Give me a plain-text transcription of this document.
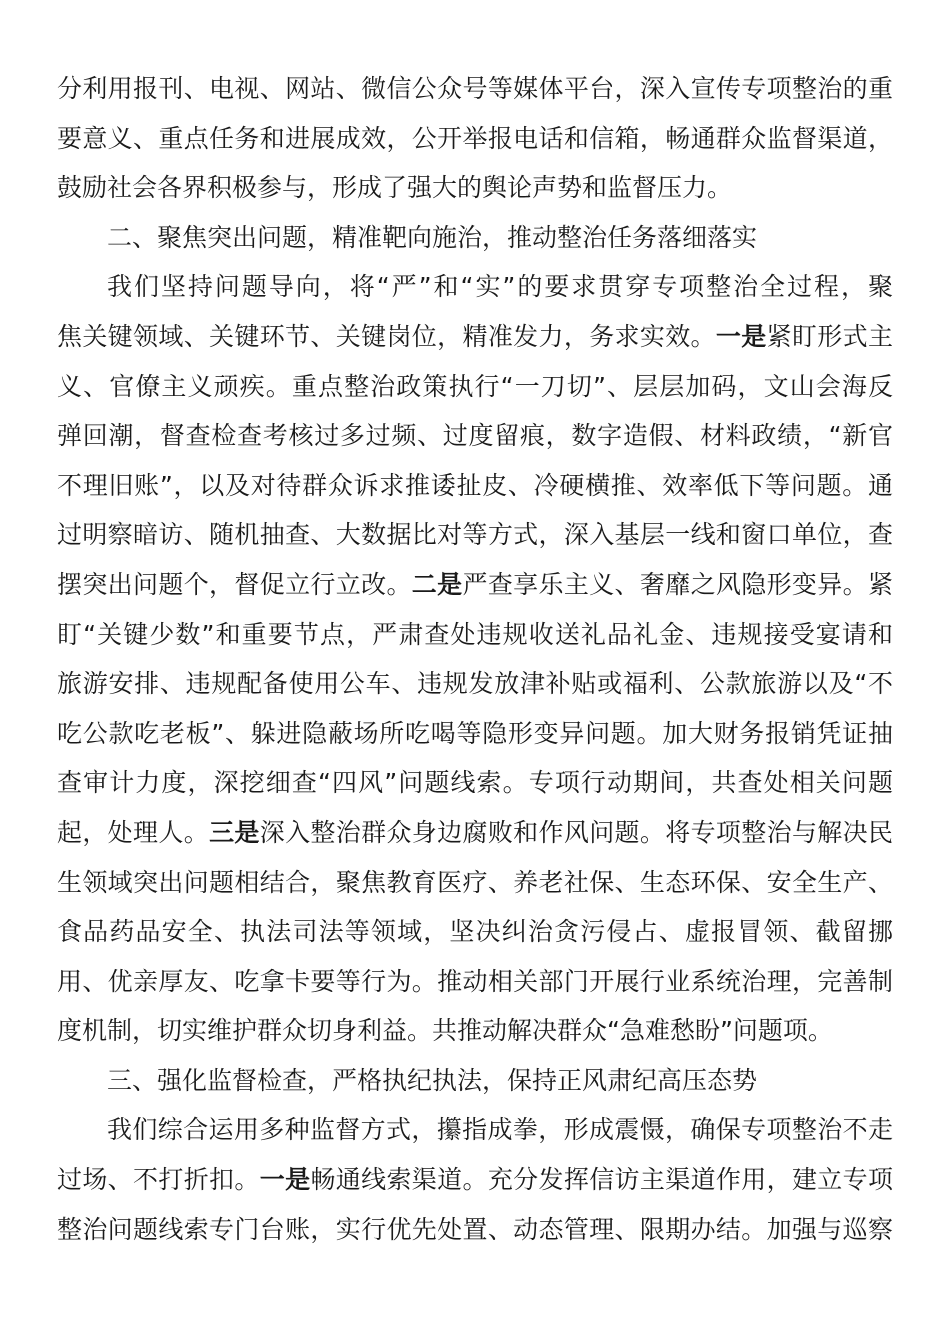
分利用报刊、电视、网站、微信公众号等媒体平台，深入宣传专项整治的重
要意义、重点任务和进展成效，公开举报电话和信箱，畅通群众监督渠道，
鼓励社会各界积极参与，形成了强大的舆论声势和监督压力。
二、聚焦突出问题，精准靶向施治，推动整治任务落细落实
我们坚持问题导向，将“严”和“实”的要求贯穿专项整治全过程，聚
焦关键领域、关键环节、关键岗位，精准发力，务求实效。一是紧盯形式主
义、官僚主义顽疾。重点整治政策执行“一刀切”、层层加码，文山会海反
弹回潮，督查检查考核过多过频、过度留痕，数字造假、材料政绩，“新官
不理旧账”，以及对待群众诉求推诿扯皮、冷硬横推、效率低下等问题。通
过明察暗访、随机抽查、大数据比对等方式，深入基层一线和窗口单位，查
摆突出问题个，督促立行立改。二是严查享乐主义、奢靡之风隐形变异。紧
盯“关键少数”和重要节点，严肃查处违规收送礼品礼金、违规接受宴请和
旅游安排、违规配备使用公车、违规发放津补贴或福利、公款旅游以及“不
吃公款吃老板”、躲进隐蔽场所吃喝等隐形变异问题。加大财务报销凭证抽
查审计力度，深挖细查“四风”问题线索。专项行动期间，共查处相关问题
起，处理人。三是深入整治群众身边腐败和作风问题。将专项整治与解决民
生领域突出问题相结合，聚焦教育医疗、养老社保、生态环保、安全生产、
食品药品安全、执法司法等领域，坚决纠治贪污侵占、虚报冒领、截留挪
用、优亲厚友、吃拿卡要等行为。推动相关部门开展行业系统治理，完善制
度机制，切实维护群众切身利益。共推动解决群众“急难愁盼”问题项。
三、强化监督检查，严格执纪执法，保持正风肃纪高压态势
我们综合运用多种监督方式，攥指成拳，形成震慑，确保专项整治不走
过场、不打折扣。一是畅通线索渠道。充分发挥信访主渠道作用，建立专项
整治问题线索专门台账，实行优先处置、动态管理、限期办结。加强与巡察
